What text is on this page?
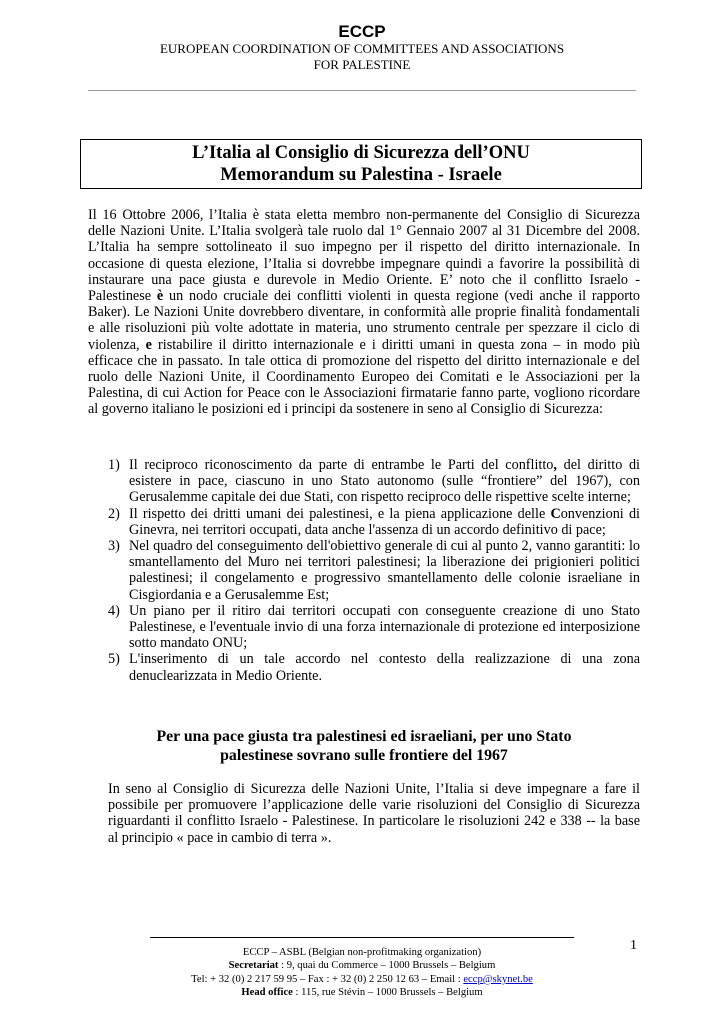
ECCP
EUROPEAN COORDINATION OF COMMITTEES AND ASSOCIATIONS
FOR PALESTINE
L’Italia al Consiglio di Sicurezza dell’ONU
Memorandum su Palestina - Israele
Il 16 Ottobre 2006, l’Italia è stata eletta membro non-permanente del Consiglio di Sicurezza delle Nazioni Unite. L’Italia svolgerà tale ruolo dal 1° Gennaio 2007 al 31 Dicembre del 2008. L’Italia ha sempre sottolineato il suo impegno per il rispetto del diritto internazionale. In occasione di questa elezione, l’Italia si dovrebbe impegnare quindi a favorire la possibilità di instaurare una pace giusta e durevole in Medio Oriente. E’ noto che il conflitto Israelo - Palestinese è un nodo cruciale dei conflitti violenti in questa regione (vedi anche il rapporto Baker). Le Nazioni Unite dovrebbero diventare, in conformità alle proprie finalità fondamentali e alle risoluzioni più volte adottate in materia, uno strumento centrale per spezzare il ciclo di violenza, e ristabilire il diritto internazionale e i diritti umani in questa zona – in modo più efficace che in passato. In tale ottica di promozione del rispetto del diritto internazionale e del ruolo delle Nazioni Unite, il Coordinamento Europeo dei Comitati e le Associazioni per la Palestina, di cui Action for Peace con le Associazioni firmatarie fanno parte, vogliono ricordare al governo italiano le posizioni ed i principi da sostenere in seno al Consiglio di Sicurezza:
1) Il reciproco riconoscimento da parte di entrambe le Parti del conflitto, del diritto di esistere in pace, ciascuno in uno Stato autonomo (sulle “frontiere” del 1967), con Gerusalemme capitale dei due Stati, con rispetto reciproco delle rispettive scelte interne;
2) Il rispetto dei dritti umani dei palestinesi, e la piena applicazione delle Convenzioni di Ginevra, nei territori occupati, data anche l'assenza di un accordo definitivo di pace;
3) Nel quadro del conseguimento dell'obiettivo generale di cui al punto 2, vanno garantiti: lo smantellamento del Muro nei territori palestinesi; la liberazione dei prigionieri politici palestinesi; il congelamento e progressivo smantellamento delle colonie israeliane in Cisgiordania e a Gerusalemme Est;
4) Un piano per il ritiro dai territori occupati con conseguente creazione di uno Stato Palestinese, e l'eventuale invio di una forza internazionale di protezione ed interposizione sotto mandato ONU;
5) L'inserimento di un tale accordo nel contesto della realizzazione di una zona denuclearizzata in Medio Oriente.
Per una pace giusta tra palestinesi ed israeliani, per uno Stato
palestinese sovrano sulle frontiere del 1967
In seno al Consiglio di Sicurezza delle Nazioni Unite, l’Italia si deve impegnare a fare il possibile per promuovere l’applicazione delle varie risoluzioni del Consiglio di Sicurezza riguardanti il conflitto Israelo - Palestinese. In particolare le risoluzioni 242 e 338 -- la base al principio « pace in cambio di terra ».
1
ECCP – ASBL (Belgian non-profitmaking organization)
Secretariat : 9, quai du Commerce – 1000 Brussels – Belgium
Tel: + 32 (0) 2 217 59 95 – Fax : + 32 (0) 2 250 12 63 – Email : eccp@skynet.be
Head office : 115, rue Stévin – 1000 Brussels – Belgium
